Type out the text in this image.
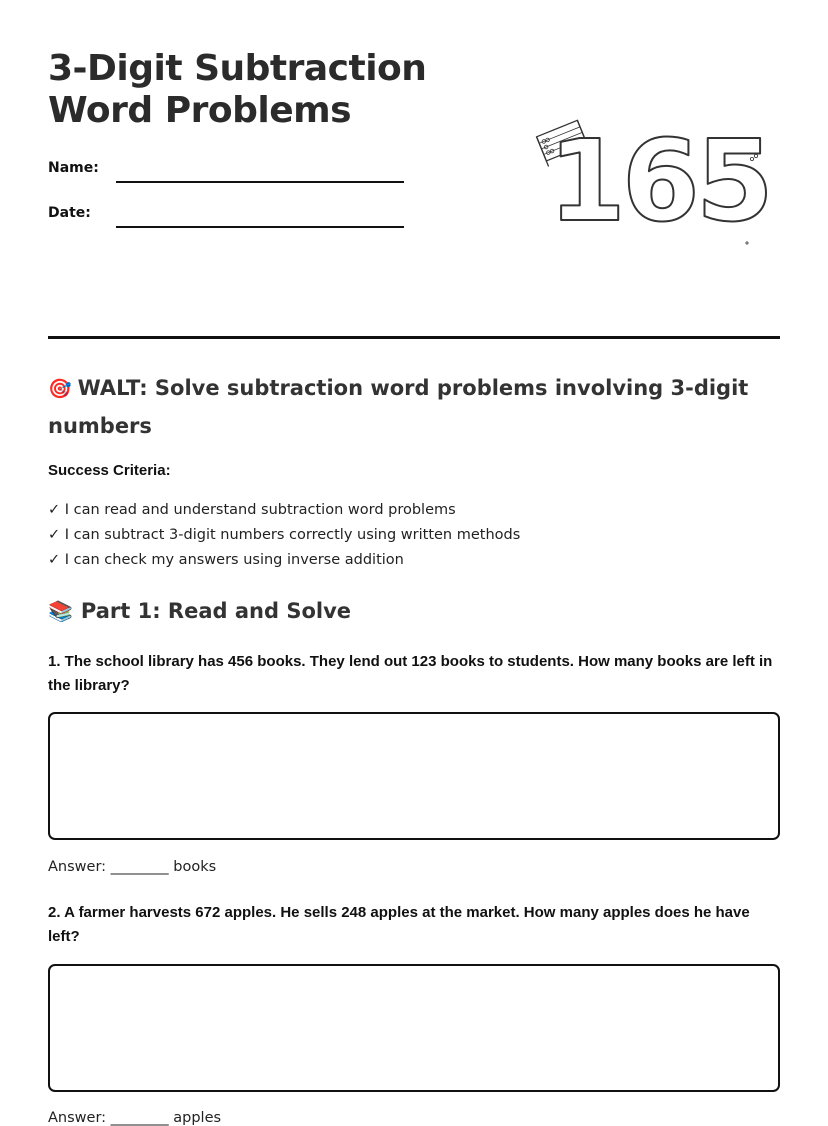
3-Digit Subtraction
Word Problems
Name:
Date:	165
🎯 WALT: Solve subtraction word problems involving 3-digit numbers
Success Criteria:
✓ I can read and understand subtraction word problems
✓ I can subtract 3-digit numbers correctly using written methods
✓ I can check my answers using inverse addition
📚 Part 1: Read and Solve

1. The school library has 456 books. They lend out 123 books to students. How many books are left in the library?

Answer: ________ books

2. A farmer harvests 672 apples. He sells 248 apples at the market. How many apples does he have left?

Answer: ________ apples
